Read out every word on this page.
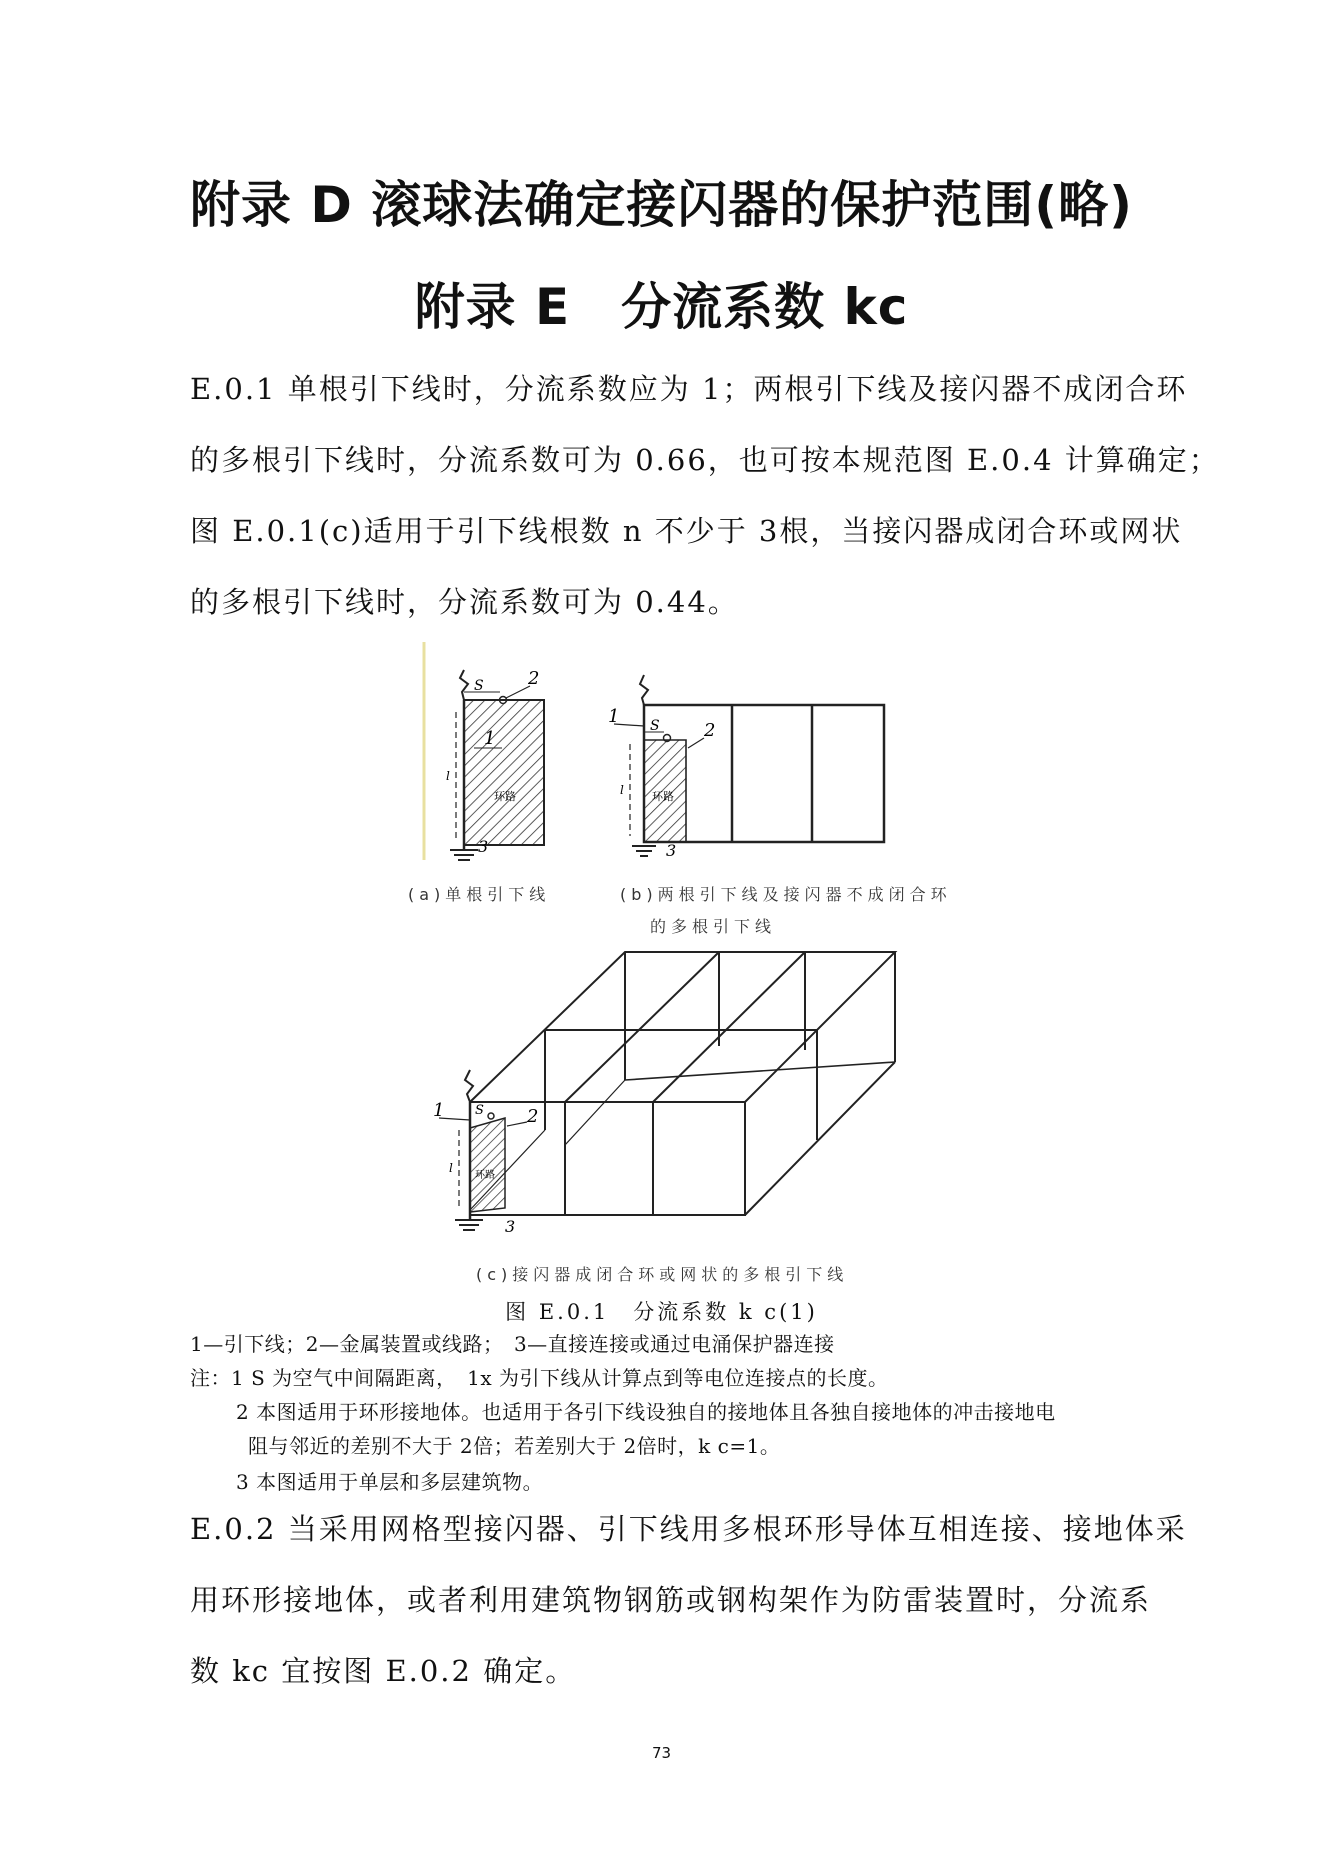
附录 D 滚球法确定接闪器的保护范围(略)
附录 E　分流系数 kc
E.0.1 单根引下线时，分流系数应为 1；两根引下线及接闪器不成闭合环
的多根引下线时，分流系数可为 0.66，也可按本规范图 E.0.4 计算确定；
图 E.0.1(c)适用于引下线根数 n 不少于 3根，当接闪器成闭合环或网状
的多根引下线时，分流系数可为 0.44。
S 2
1
l
环路
3
1 S 2
l	环路
3
(a)单根引下线	(b)两根引下线及接闪器不成闭合环
的多根引下线
1 S 2
l
环路
3
(c)接闪器成闭合环或网状的多根引下线
图 E.0.1　分流系数 k c(1)
1—引下线；2—金属装置或线路；　3—直接连接或通过电涌保护器连接
注：1 S 为空气中间隔距离，　1x 为引下线从计算点到等电位连接点的长度。
2 本图适用于环形接地体。也适用于各引下线设独自的接地体且各独自接地体的冲击接地电
阻与邻近的差别不大于 2倍；若差别大于 2倍时，k c=1。
3 本图适用于单层和多层建筑物。
E.0.2 当采用网格型接闪器、引下线用多根环形导体互相连接、接地体采
用环形接地体，或者利用建筑物钢筋或钢构架作为防雷装置时，分流系
数 kc 宜按图 E.0.2 确定。
73
